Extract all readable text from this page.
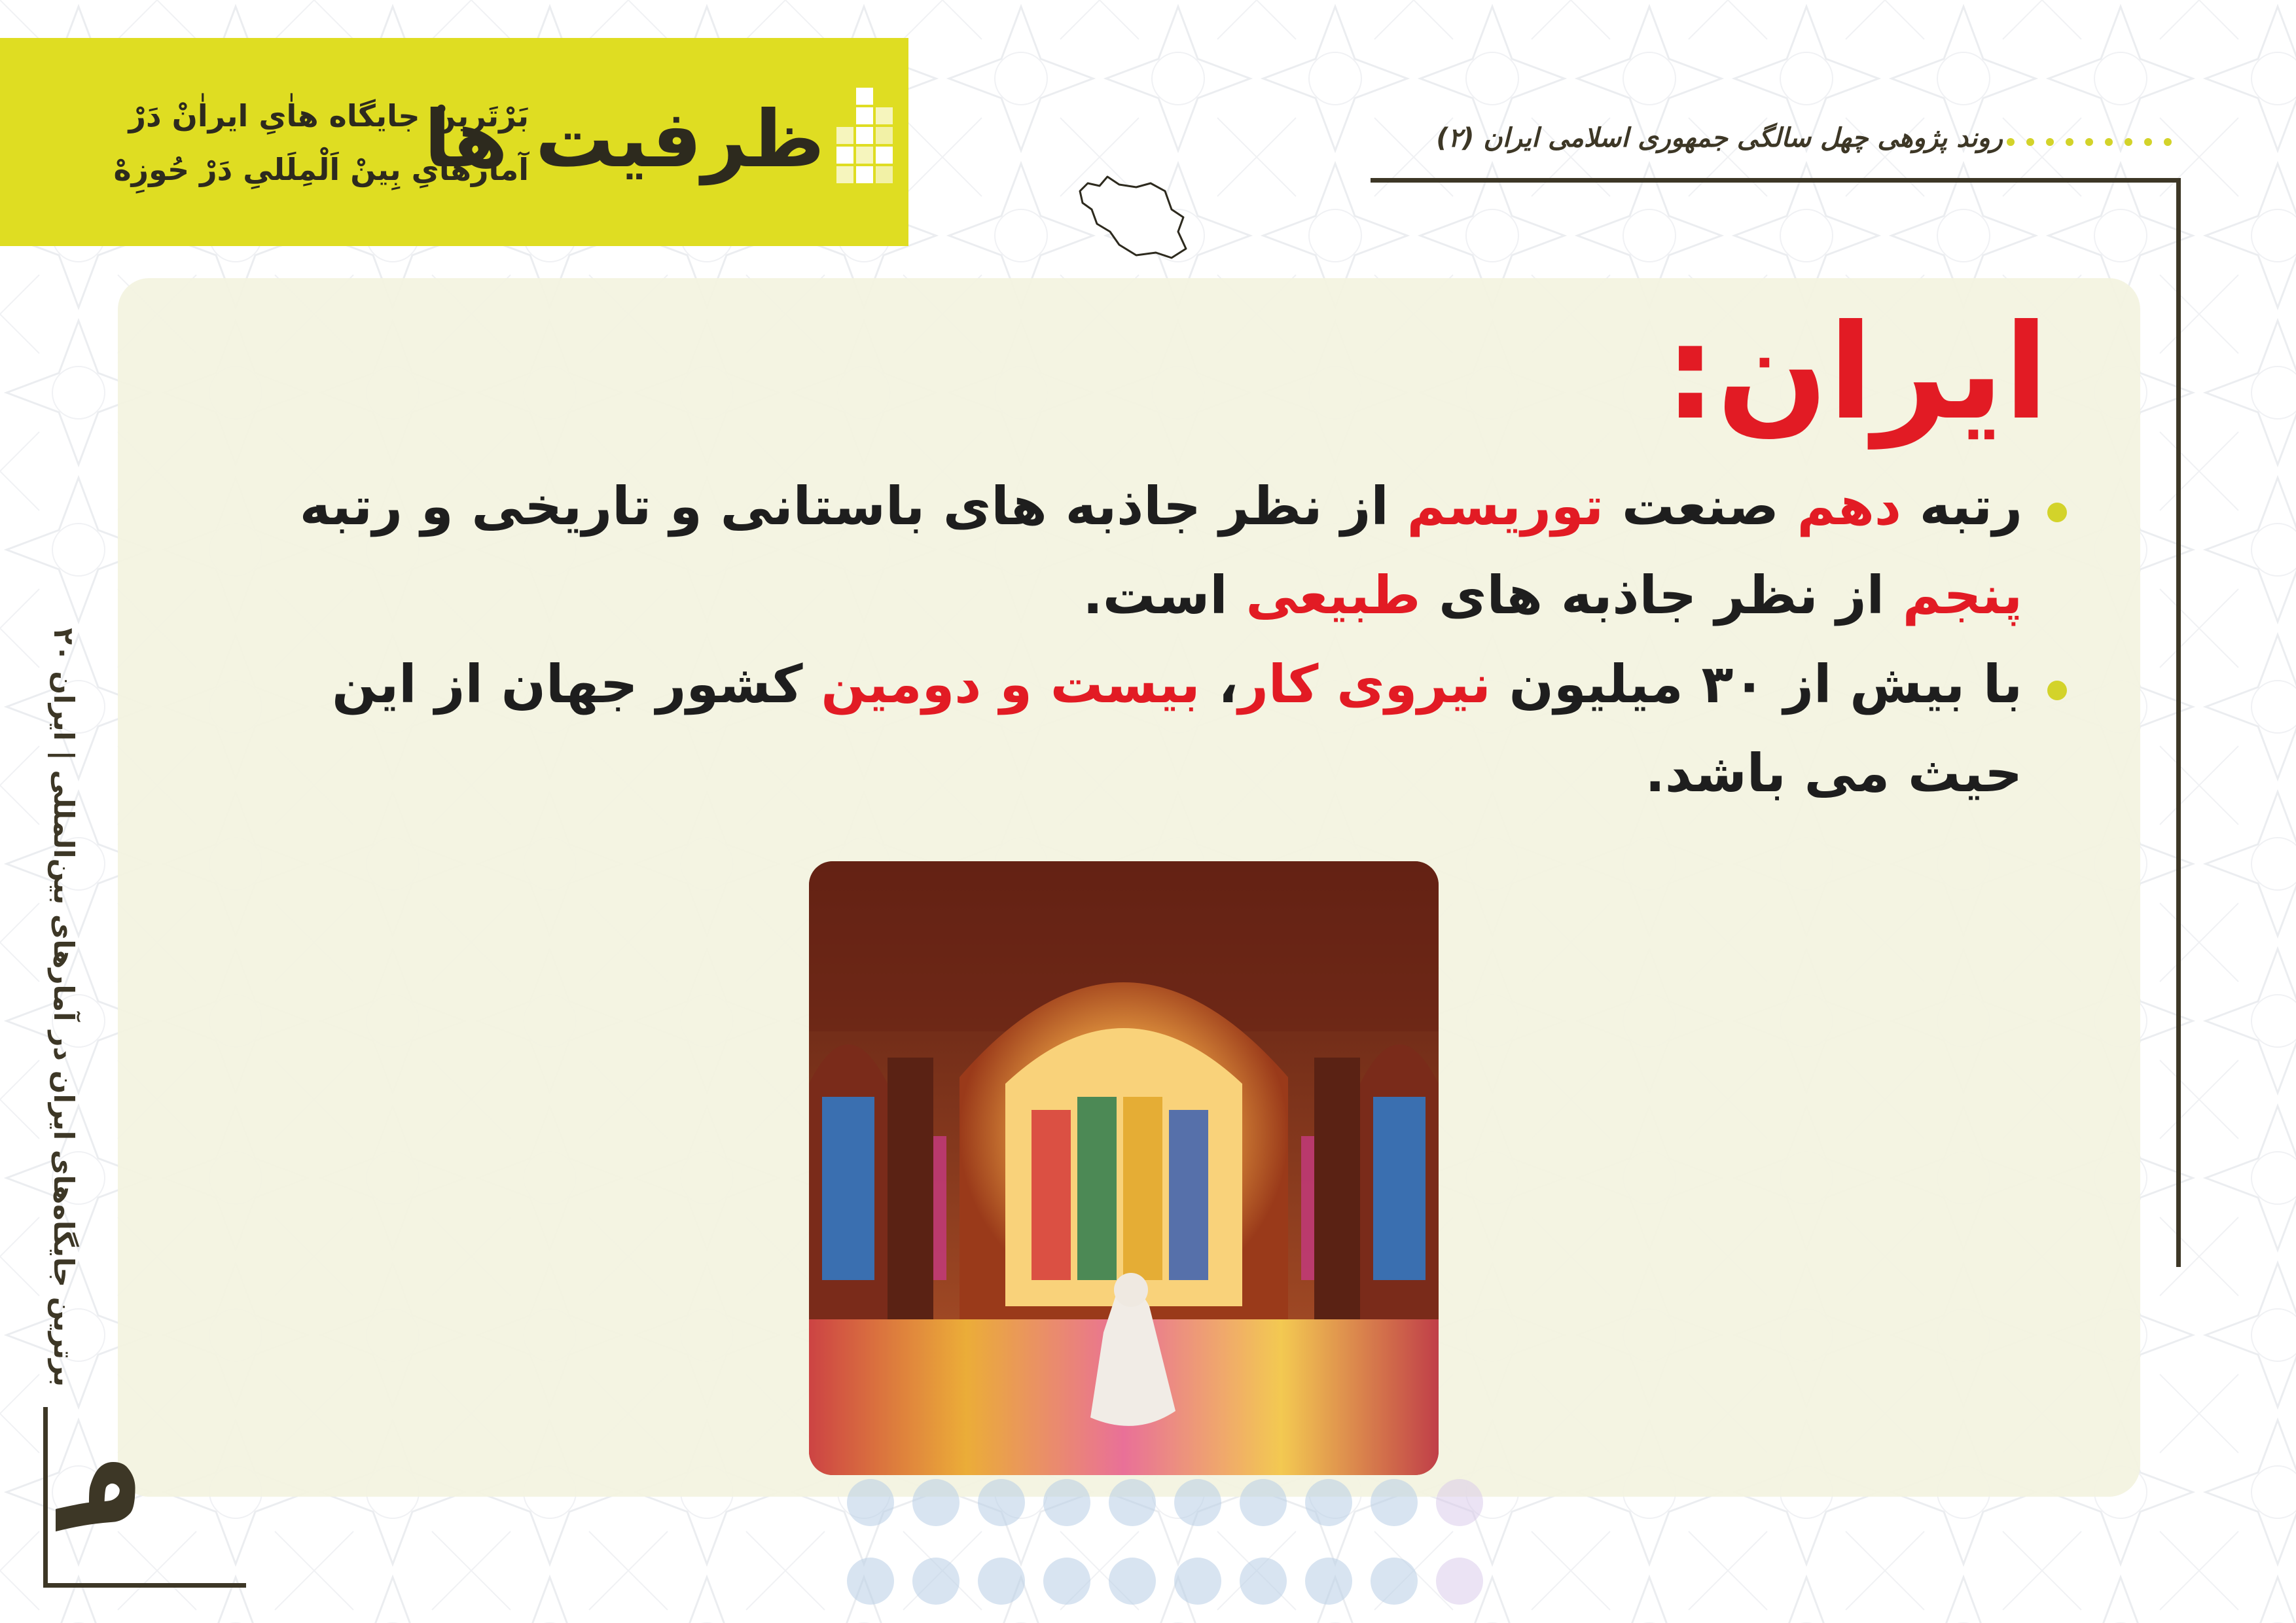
بَرْتَرینْ جایگاه هاٰیِ ایراٰنْ دَرْ
آماٰرهایِ بِینْ اَلْمِلَلیِ دَرْ حُوزِهْ
ظرفیت ها	روند پژوهی چهل سالگی جمهوری اسلامی ایران (۲)
ایران:
رتبه دهم صنعت توریسم از نظر جاذبه های باستانی و تاریخی و رتبه پنجم از نظر جاذبه های طبیعی است.
با بیش از ۳۰ میلیون نیروی کار، بیست و دومین کشور جهان از این حیث می باشد.
برترین جایگاه‌های ایران در آمارهای بین‌المللی | ایران ۲۰
۹
